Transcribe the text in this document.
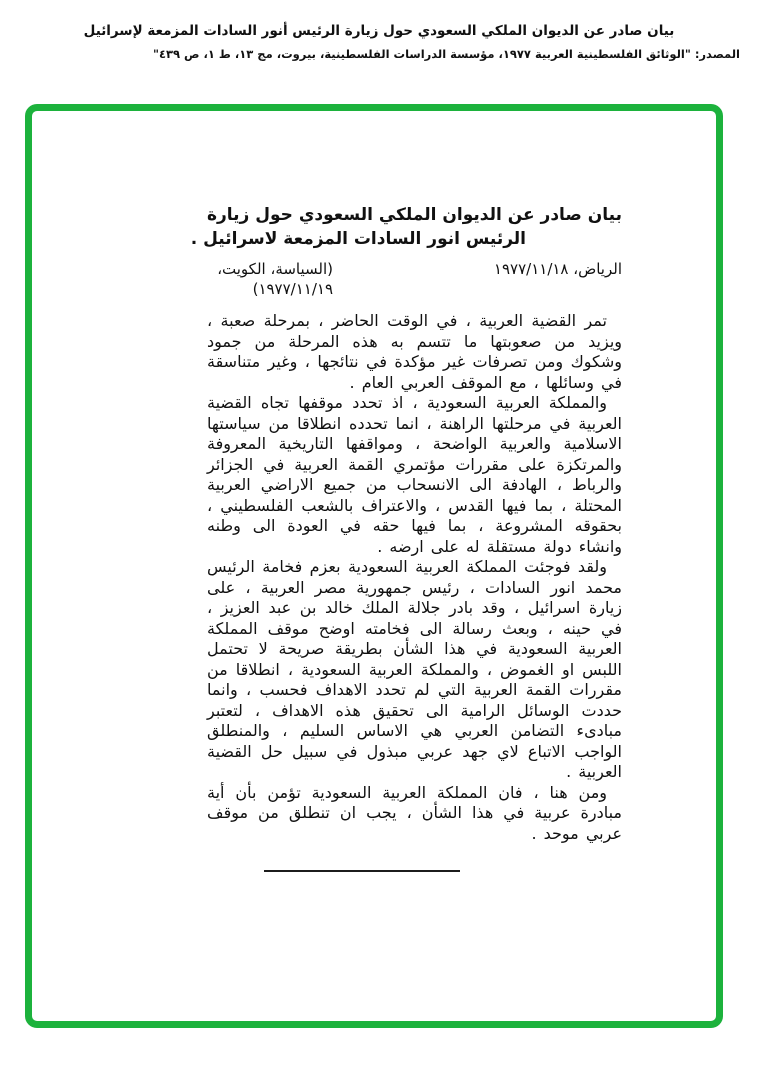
بيان صادر عن الديوان الملكي السعودي حول زيارة الرئيس أنور السادات المزمعة لإسرائيل
المصدر: "الوثائق الفلسطينية العربية ١٩٧٧، مؤسسة الدراسات الفلسطينية، بيروت، مج ١٣، ط ١، ص ٤٣٩"
بيان صادر عن الديوان الملكي السعودي حول زيارة
الرئيس انور السادات المزمعة لاسرائيل .
الرياض، ١٩٧٧/١١/١٨
(السياسة، الكويت، ١٩٧٧/١١/١٩)

تمر القضية العربية ، في الوقت الحاضر ، بمرحلة صعبة ، ويزيد من صعوبتها ما تتسم به هذه المرحلة من جمود وشكوك ومن تصرفات غير مؤكدة في نتائجها ، وغير متناسقة في وسائلها ، مع الموقف العربي العام .

والمملكة العربية السعودية ، اذ تحدد موقفها تجاه القضية العربية في مرحلتها الراهنة ، انما تحدده انطلاقا من سياستها الاسلامية والعربية الواضحة ، ومواقفها التاريخية المعروفة والمرتكزة على مقررات مؤتمري القمة العربية في الجزائر والرباط ، الهادفة الى الانسحاب من جميع الاراضي العربية المحتلة ، بما فيها القدس ، والاعتراف بالشعب الفلسطيني ، بحقوقه المشروعة ، بما فيها حقه في العودة الى وطنه وانشاء دولة مستقلة له على ارضه .

ولقد فوجئت المملكة العربية السعودية بعزم فخامة الرئيس محمد انور السادات ، رئيس جمهورية مصر العربية ، على زيارة اسرائيل ، وقد بادر جلالة الملك خالد بن عبد العزيز ، في حينه ، وبعث رسالة الى فخامته اوضح موقف المملكة العربية السعودية في هذا الشأن بطريقة صريحة لا تحتمل اللبس او الغموض ، والمملكة العربية السعودية ، انطلاقا من مقررات القمة العربية التي لم تحدد الاهداف فحسب ، وانما حددت الوسائل الرامية الى تحقيق هذه الاهداف ، لتعتبر مبادىء التضامن العربي هي الاساس السليم ، والمنطلق الواجب الاتباع لاي جهد عربي مبذول في سبيل حل القضية العربية .

ومن هنا ، فان المملكة العربية السعودية تؤمن بأن أية مبادرة عربية في هذا الشأن ، يجب ان تنطلق من موقف عربي موحد .
